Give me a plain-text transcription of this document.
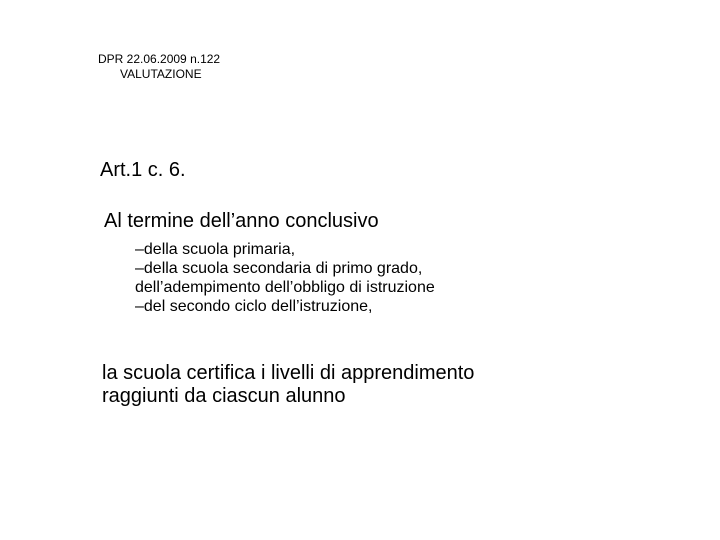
DPR 22.06.2009 n.122
VALUTAZIONE
Art.1 c. 6.
Al termine dell’anno conclusivo
–della scuola primaria,
–della scuola secondaria di primo grado,
dell’adempimento dell’obbligo di istruzione
–del secondo ciclo dell’istruzione,
la scuola certifica i livelli di apprendimento
raggiunti da ciascun alunno
